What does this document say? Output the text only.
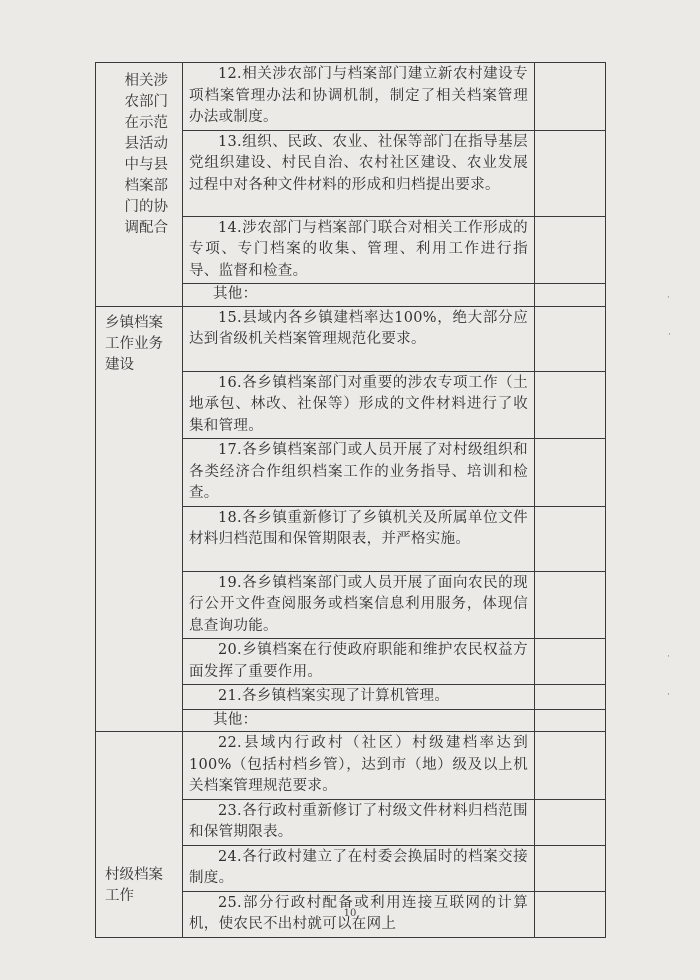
相关涉农部门在示范县活动中与县档案部门的协调配合	12.相关涉农部门与档案部门建立新农村建设专项档案管理办法和协调机制，制定了相关档案管理办法或制度。	

	13.组织、民政、农业、社保等部门在指导基层党组织建设、村民自治、农村社区建设、农业发展过程中对各种文件材料的形成和归档提出要求。	

	14.涉农部门与档案部门联合对相关工作形成的专项、专门档案的收集、管理、利用工作进行指导、监督和检查。	

	其他：	

乡镇档案工作业务建设	15.县域内各乡镇建档率达100%，绝大部分应达到省级机关档案管理规范化要求。	

	16.各乡镇档案部门对重要的涉农专项工作（土地承包、林改、社保等）形成的文件材料进行了收集和管理。	

	17.各乡镇档案部门或人员开展了对村级组织和各类经济合作组织档案工作的业务指导、培训和检查。	

	18.各乡镇重新修订了乡镇机关及所属单位文件材料归档范围和保管期限表，并严格实施。	

	19.各乡镇档案部门或人员开展了面向农民的现行公开文件查阅服务或档案信息利用服务，体现信息查询功能。	

	20.乡镇档案在行使政府职能和维护农民权益方面发挥了重要作用。	

	21.各乡镇档案实现了计算机管理。	

	其他：	

村级档案工作	22.县域内行政村（社区）村级建档率达到100%（包括村档乡管），达到市（地）级及以上机关档案管理规范要求。	

	23.各行政村重新修订了村级文件材料归档范围和保管期限表。	

	24.各行政村建立了在村委会换届时的档案交接制度。	

	25.部分行政村配备或利用连接互联网的计算机，使农民不出村就可以在网上	

·
·
·
·
10
